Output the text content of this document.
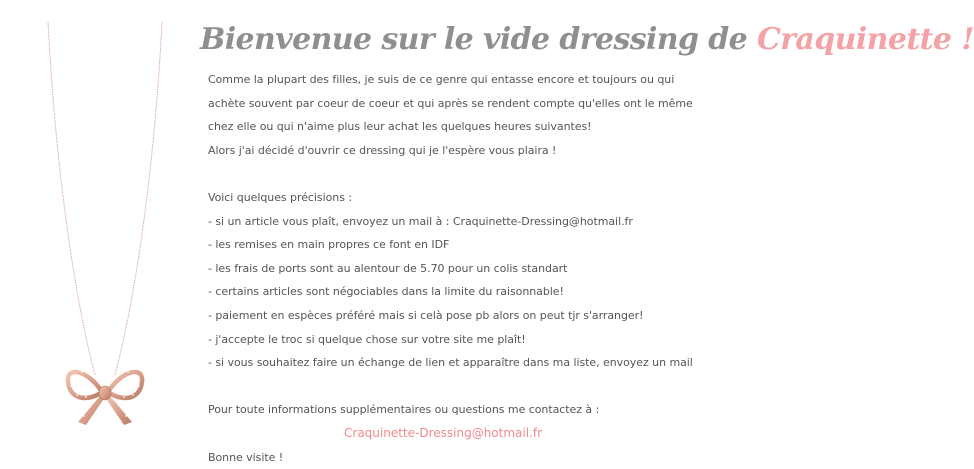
Bienvenue sur le vide dressing de Craquinette !

Comme la plupart des filles, je suis de ce genre qui entasse encore et toujours ou qui

achète souvent par coeur de coeur et qui après se rendent compte qu'elles ont le même

chez elle ou qui n'aime plus leur achat les quelques heures suivantes!

Alors j'ai décidé d'ouvrir ce dressing qui je l'espère vous plaira !

Voici quelques précisions :

- si un article vous plaît, envoyez un mail à : Craquinette-Dressing@hotmail.fr

- les remises en main propres ce font en IDF

- les frais de ports sont au alentour de 5.70 pour un colis standart

- certains articles sont négociables dans la limite du raisonnable!

- paiement en espèces préféré mais si celà pose pb alors on peut tjr s'arranger!

- j'accepte le troc si quelque chose sur votre site me plaît!

- si vous souhaitez faire un échange de lien et apparaître dans ma liste, envoyez un mail

Pour toute informations supplémentaires ou questions me contactez à :

Craquinette-Dressing@hotmail.fr

Bonne visite !
